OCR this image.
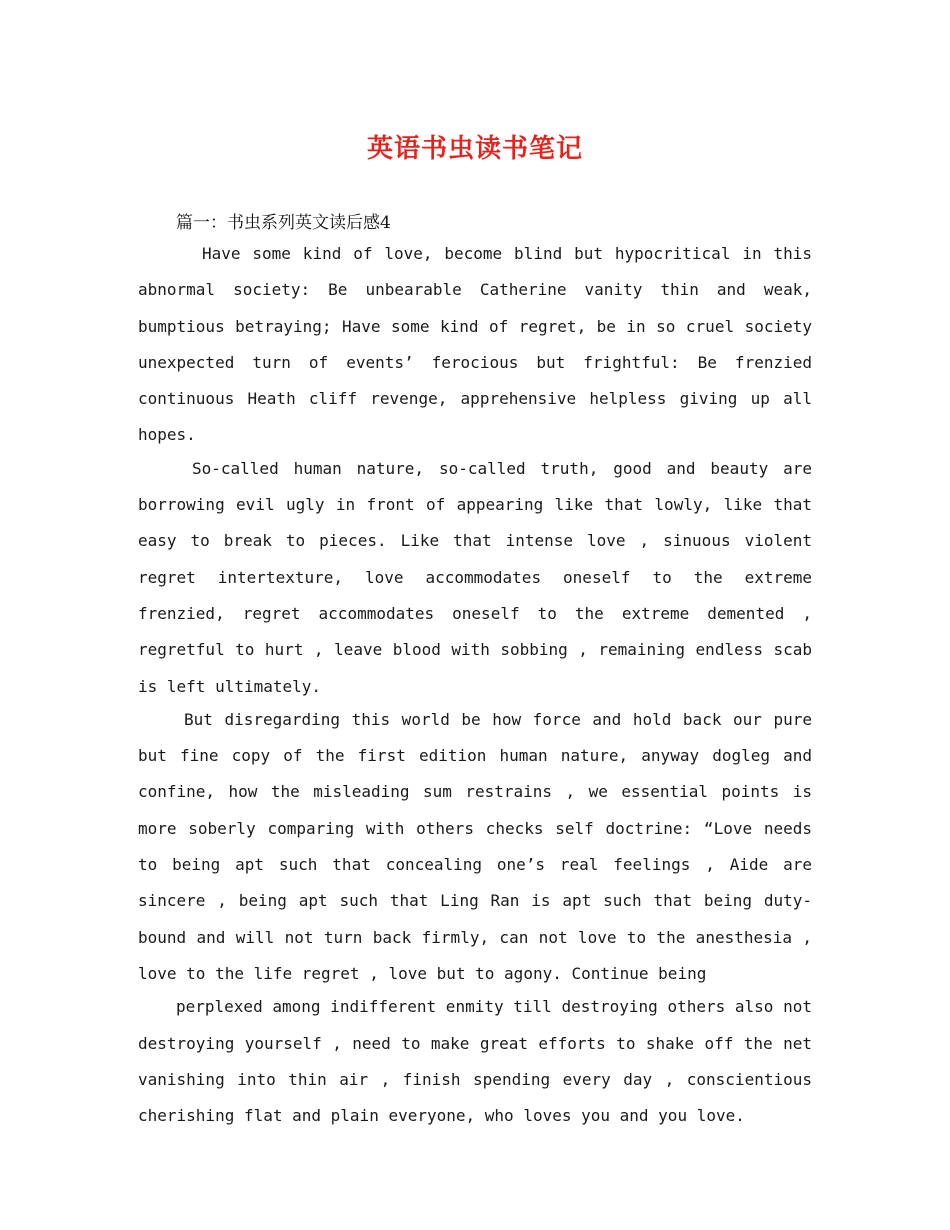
英语书虫读书笔记
篇一：书虫系列英文读后感4

Have some kind of love, become blind but hypocritical in this abnormal society: Be unbearable Catherine vanity thin and weak, bumptious betraying; Have some kind of regret, be in so cruel society unexpected turn of events’ ferocious but frightful: Be frenzied continuous Heath cliff revenge, apprehensive helpless giving up all hopes.

So-called human nature, so-called truth, good and beauty are borrowing evil ugly in front of appearing like that lowly, like that easy to break to pieces. Like that intense love , sinuous violent regret intertexture, love accommodates oneself to the extreme frenzied, regret accommodates oneself to the extreme demented , regretful to hurt , leave blood with sobbing , remaining endless scab is left ultimately.

But disregarding this world be how force and hold back our pure but fine copy of the first edition human nature, anyway dogleg and confine, how the misleading sum restrains , we essential points is more soberly comparing with others checks self doctrine: “Love needs to being apt such that concealing one’s real feelings , Aide are sincere , being apt such that Ling Ran is apt such that being duty-bound and will not turn back firmly, can not love to the anesthesia , love to the life regret , love but to agony. Continue being

perplexed among indifferent enmity till destroying others also not destroying yourself , need to make great efforts to shake off the net vanishing into thin air , finish spending every day , conscientious cherishing flat and plain everyone, who loves you and you love.
